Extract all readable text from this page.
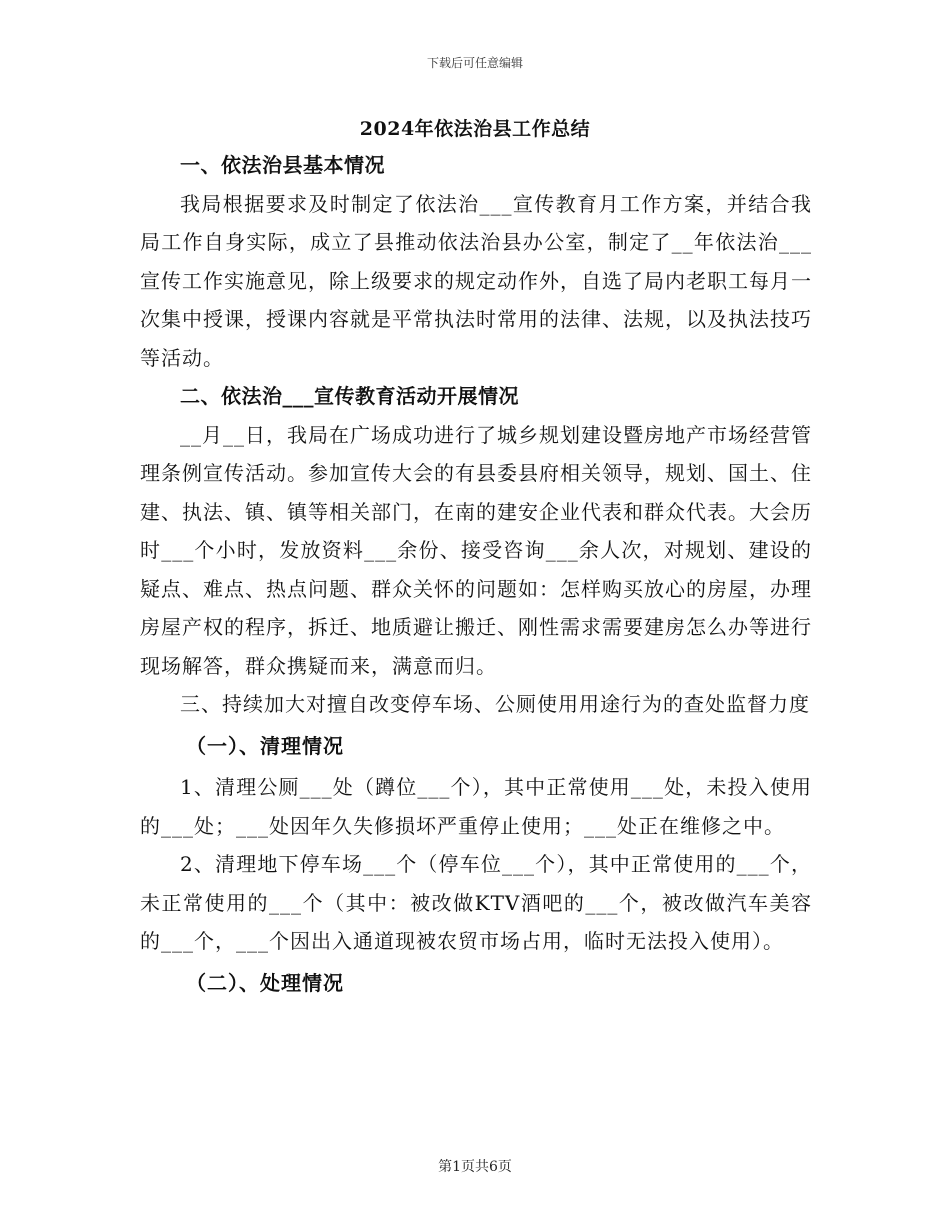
下载后可任意编辑
2024年依法治县工作总结

一、依法治县基本情况

我局根据要求及时制定了依法治___宣传教育月工作方案，并结合我局工作自身实际，成立了县推动依法治县办公室，制定了__年依法治___宣传工作实施意见，除上级要求的规定动作外，自选了局内老职工每月一次集中授课，授课内容就是平常执法时常用的法律、法规，以及执法技巧等活动。

二、依法治___宣传教育活动开展情况

__月__日，我局在广场成功进行了城乡规划建设暨房地产市场经营管理条例宣传活动。参加宣传大会的有县委县府相关领导，规划、国土、住建、执法、镇、镇等相关部门，在南的建安企业代表和群众代表。大会历时___个小时，发放资料___余份、接受咨询___余人次，对规划、建设的疑点、难点、热点问题、群众关怀的问题如：怎样购买放心的房屋，办理房屋产权的程序，拆迁、地质避让搬迁、刚性需求需要建房怎么办等进行现场解答，群众携疑而来，满意而归。

三、持续加大对擅自改变停车场、公厕使用用途行为的查处监督力度

（一）、清理情况

1、清理公厕___处（蹲位___个），其中正常使用___处，未投入使用的___处；___处因年久失修损坏严重停止使用；___处正在维修之中。

2、清理地下停车场___个（停车位___个），其中正常使用的___个，未正常使用的___个（其中：被改做KTV酒吧的___个，被改做汽车美容的___个，___个因出入通道现被农贸市场占用，临时无法投入使用）。

（二）、处理情况

第1页共6页
